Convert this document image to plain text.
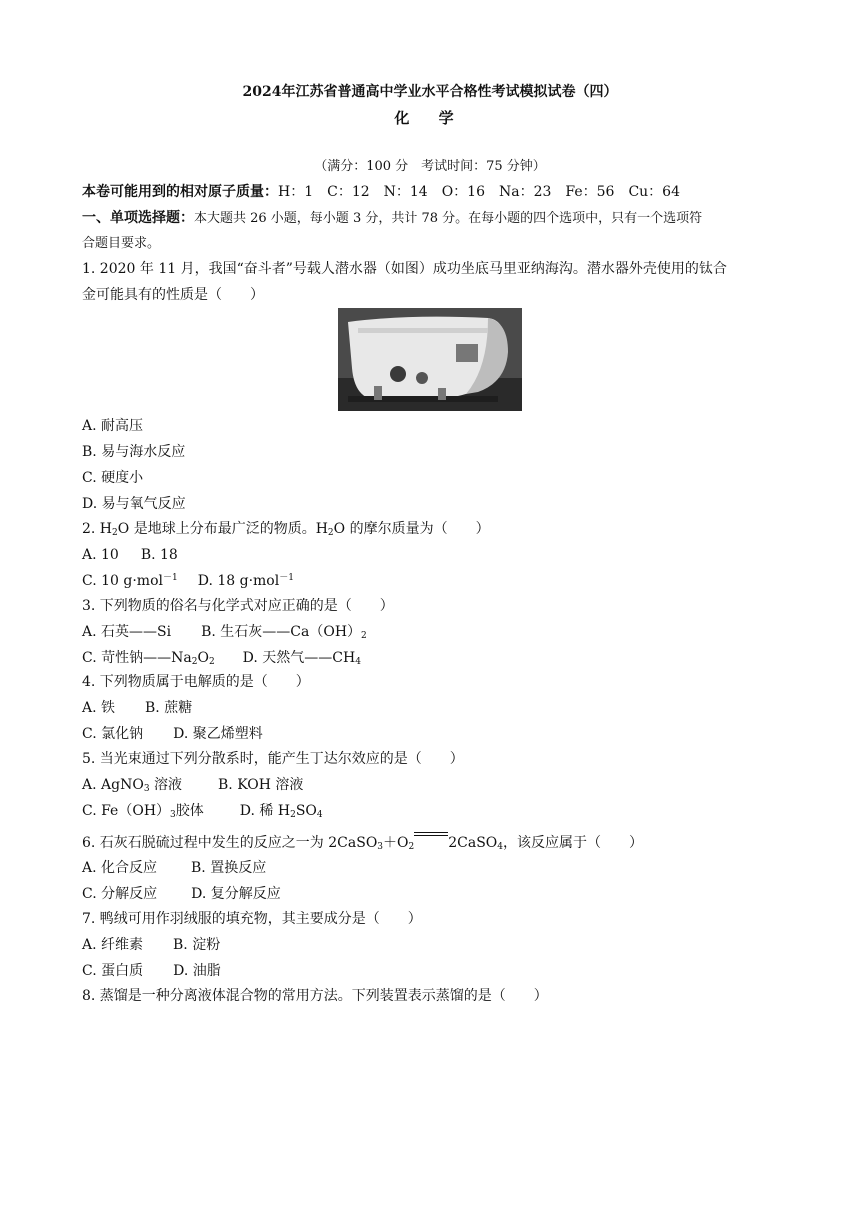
2024年江苏省普通高中学业水平合格性考试模拟试卷（四）
化 学
（满分：100 分　考试时间：75 分钟）
本卷可能用到的相对原子质量：H：1　C：12　N：14　O：16　Na：23　Fe：56　Cu：64
一、单项选择题：本大题共 26 小题，每小题 3 分，共计 78 分。在每小题的四个选项中，只有一个选项符
合题目要求。
1. 2020 年 11 月，我国“奋斗者”号载人潜水器（如图）成功坐底马里亚纳海沟。潜水器外壳使用的钛合
金可能具有的性质是（　　）
A. 耐高压
B. 易与海水反应
C. 硬度小
D. 易与氧气反应
2. $H_2O$ 是地球上分布最广泛的物质。$H_2O$ 的摩尔质量为（　　）
A. 10 B. 18
C. 10 g·mol$^{-1}$ D. 18 g·mol$^{-1}$
3. 下列物质的俗名与化学式对应正确的是（　　）
A. 石英——Si B. 生石灰$——Ca(OH)_2$
C. 苛性钠$——Na_2O_2$ D. 天然气$——CH_4$
4. 下列物质属于电解质的是（　　）
A. 铁 B. 蔗糖
C. 氯化钠 D. 聚乙烯塑料
5. 当光束通过下列分散系时，能产生丁达尔效应的是（　　）
A. AgNO$_3$ 溶液	B. KOH 溶液
C. $Fe(OH)_3$胶体	D. 稀 $H_2SO_4$
6. 石灰石脱硫过程中发生的反应之一为 $2CaSO_3+O_2$ 2CaSO$_4$，该反应属于（　　）
A. 化合反应 B. 置换反应
C. 分解反应 D. 复分解反应
7. 鸭绒可用作羽绒服的填充物，其主要成分是（　　）
A. 纤维素 B. 淀粉
C. 蛋白质 D. 油脂
8. 蒸馏是一种分离液体混合物的常用方法。下列装置表示蒸馏的是（　　）
